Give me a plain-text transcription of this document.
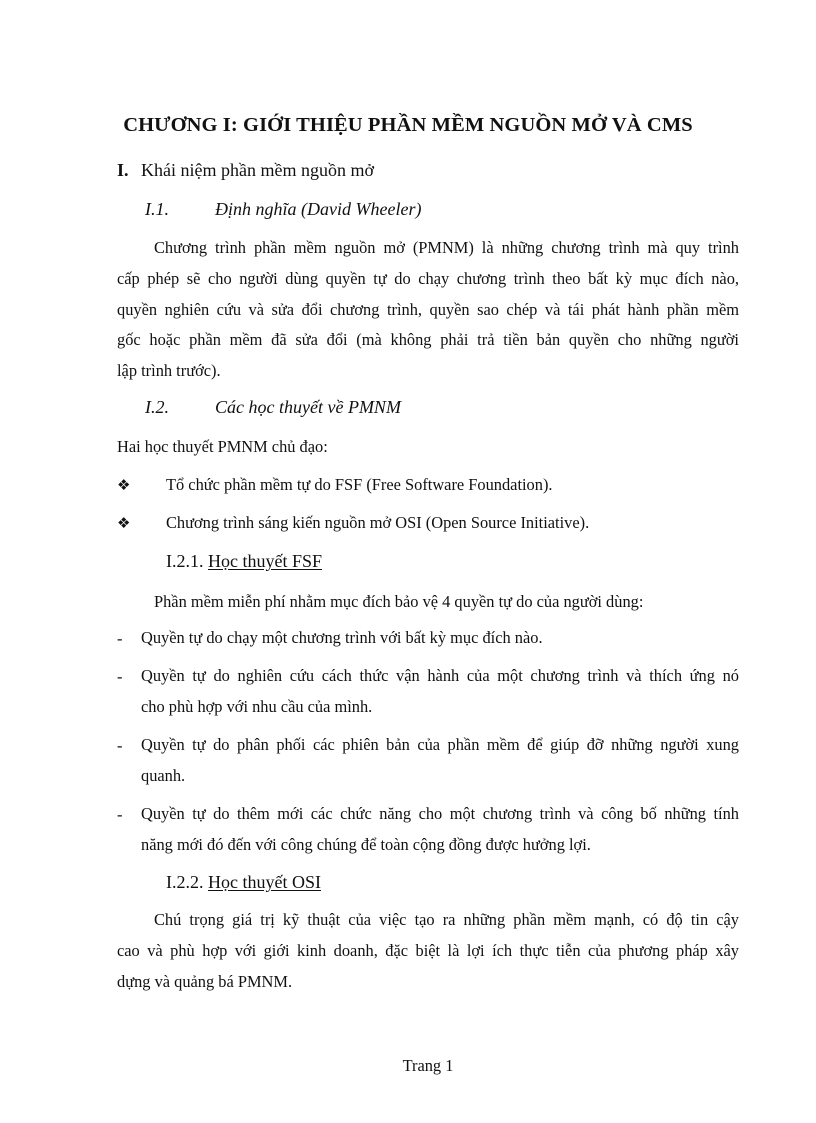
CHƯƠNG I: GIỚI THIỆU PHẦN MỀM NGUỒN MỞ VÀ CMS
I. Khái niệm phần mềm nguồn mở
I.1.	Định nghĩa (David Wheeler)
Chương trình phần mềm nguồn mở (PMNM) là những chương trình mà quy trình
cấp phép sẽ cho người dùng quyền tự do chạy chương trình theo bất kỳ mục đích nào,
quyền nghiên cứu và sửa đổi chương trình, quyền sao chép và tái phát hành phần mềm
gốc hoặc phần mềm đã sửa đổi (mà không phải trả tiền bản quyền cho những người
lập trình trước).
I.2.	Các học thuyết về PMNM
Hai học thuyết PMNM chủ đạo:
❖ Tổ chức phần mềm tự do FSF (Free Software Foundation).
❖ Chương trình sáng kiến nguồn mở OSI (Open Source Initiative).
I.2.1. Học thuyết FSF
Phần mềm miễn phí nhằm mục đích bảo vệ 4 quyền tự do của người dùng:
- Quyền tự do chạy một chương trình với bất kỳ mục đích nào.
- Quyền tự do nghiên cứu cách thức vận hành của một chương trình và thích ứng nó
cho phù hợp với nhu cầu của mình.
- Quyền tự do phân phối các phiên bản của phần mềm để giúp đỡ những người xung
quanh.
- Quyền tự do thêm mới các chức năng cho một chương trình và công bố những tính
năng mới đó đến với công chúng để toàn cộng đồng được hưởng lợi.
I.2.2. Học thuyết OSI
Chú trọng giá trị kỹ thuật của việc tạo ra những phần mềm mạnh, có độ tin cậy
cao và phù hợp với giới kinh doanh, đặc biệt là lợi ích thực tiễn của phương pháp xây
dựng và quảng bá PMNM.
Trang 1
